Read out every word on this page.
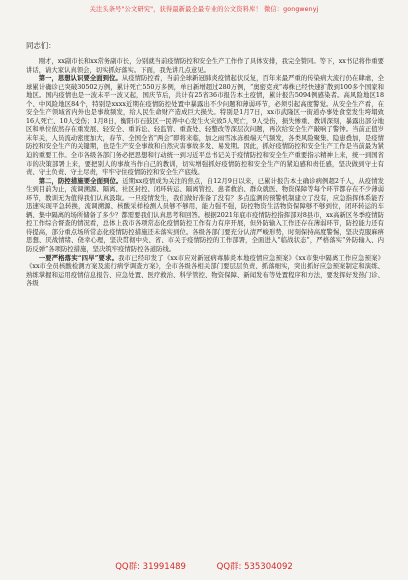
关注头条号"公文研究"，获得最新最全最专业的公文资料库！ 微信：gongwenyj
同志们：

刚才，xx副市长和xx常务副市长，分别就当前疫情防控和安全生产工作作了具体安排，我完全赞同。等下，xx书记将作重要讲话，请大家认真领会，切实抓好落实。下面，我先讲几点意见。

第一，思想认识要全面到位。从疫情防控看，当前全球新冠肺炎疫情起伏反复，百年来最严重的传染病大流行仍在肆虐，全球累计确诊已突破30502万例，累计死亡550万多例，单日新增超过280万例，“奥密克戎”毒株已经快速扩散到100多个国家和地区。国内疫情也是一波未平一波又起，国庆节后，共计有25省36市报告本土疫情，累计报告5094例感染者。高风险地区18个、中风险地区84个，特别是xxxx近期在疫情防控处置中暴露出不少问题和薄弱环节，必须引起高度警觉。从安全生产看，在安全生产领域省内外也是事故频发，给人民生命财产造成巨大损失。特别是1月7日，xx市武隆区一街道办事处食堂发生垮塌致16人死亡、10人受伤；1月8日，衡阳市石鼓区一民养中心发生火灾致5人死亡，9人受伤，损失惨重、教训深刻，暴露出部分地区和单位依然存在重发展、轻安全、重诉讼、轻监管、重查处、轻整改等深层次问题，再次给安全生产敲响了警钟。当前正值岁末年关，人员流动密度加大，春节、全国全省“两会”即将来临，加之雨雪冰冻极端天气频发，各类风险聚集、隐患叠加，是疫情防控和安全生产的关键期，也是生产安全事故和自然灾害事故多发、易发期。因此，抓好疫情防控和安全生产工作是当前最为紧迫的重要工作。全市各级各部门务必把思想和行动统一到习近平总书记关于疫情防控和安全生产重要指示精神上来，统一到国省市的决策部署上来，要把别人的事故当作自己的教训，切实增强抓好疫情防控和安全生产的紧迫感和责任感，坚决做到守土有责、守土负责、守土尽责，牢牢守住疫情防控和安全生产底线。

第二，防控措施要全面到位。近期xx疫情成为关注的焦点，自12月9日以来，已累计报告本土确诊病例超2千人，从疫情发生到目前为止，流调溯源、隔离、社区封控、闭环转运、隔离管控、患者救治、群众就医、物资保障等每个环节都存在不少薄弱环节，教训无为值得我们认真汲取。一旦疫情发生，我们做好准备了没有？多点监测的预警机制建立了没有，应急指挥体系能否迅速实现平急转换，流调溯源、核酸采样检测人员够不够用，能力强不强，防控物资生活物资保障够不够到位，闭环转运的车辆、集中隔离的场所储备了多少？都需要我们认真思考和回答。根据2021年底市疫情防控指挥部对8县市，xx高新区冬季疫情防控工作综合督查的情况看，总体上我市各项常态化疫情防控工作有力有序开展，但外防输入工作还存在薄弱环节，防控能力还有待提高，部分重点场所常态化疫情防控措施还未落实到位。各级各部门要充分认清严峻形势，时刻保持高度警惕，坚决克服麻痹思想、厌战情绪、侥幸心理，坚决贯彻中央、省、市关于疫情防控的工作部署，全面进入“临战状态”，严格落实“外防输入、内防反弹”各项防控措施，坚决筑牢疫情防控各道防线。

一要严格落实“四早”要求。我市已经印发了《xx市应对新冠病毒肺炎本地疫情应急预案》《xx市集中隔离工作应急预案》《xx市全员核酸检测方案及流行病学调查方案》，全市各级各相关部门要层层负责、抓落细实，突出抓好应急预案制定和演练、熟练掌握和运用疫情信息报告、应急处置、医疗救治、科学管控、物资保障、新闻发布等处置程序和方法，要发挥好发热门诊、各级

QQ群: 31991489	QQ群: 535304092
